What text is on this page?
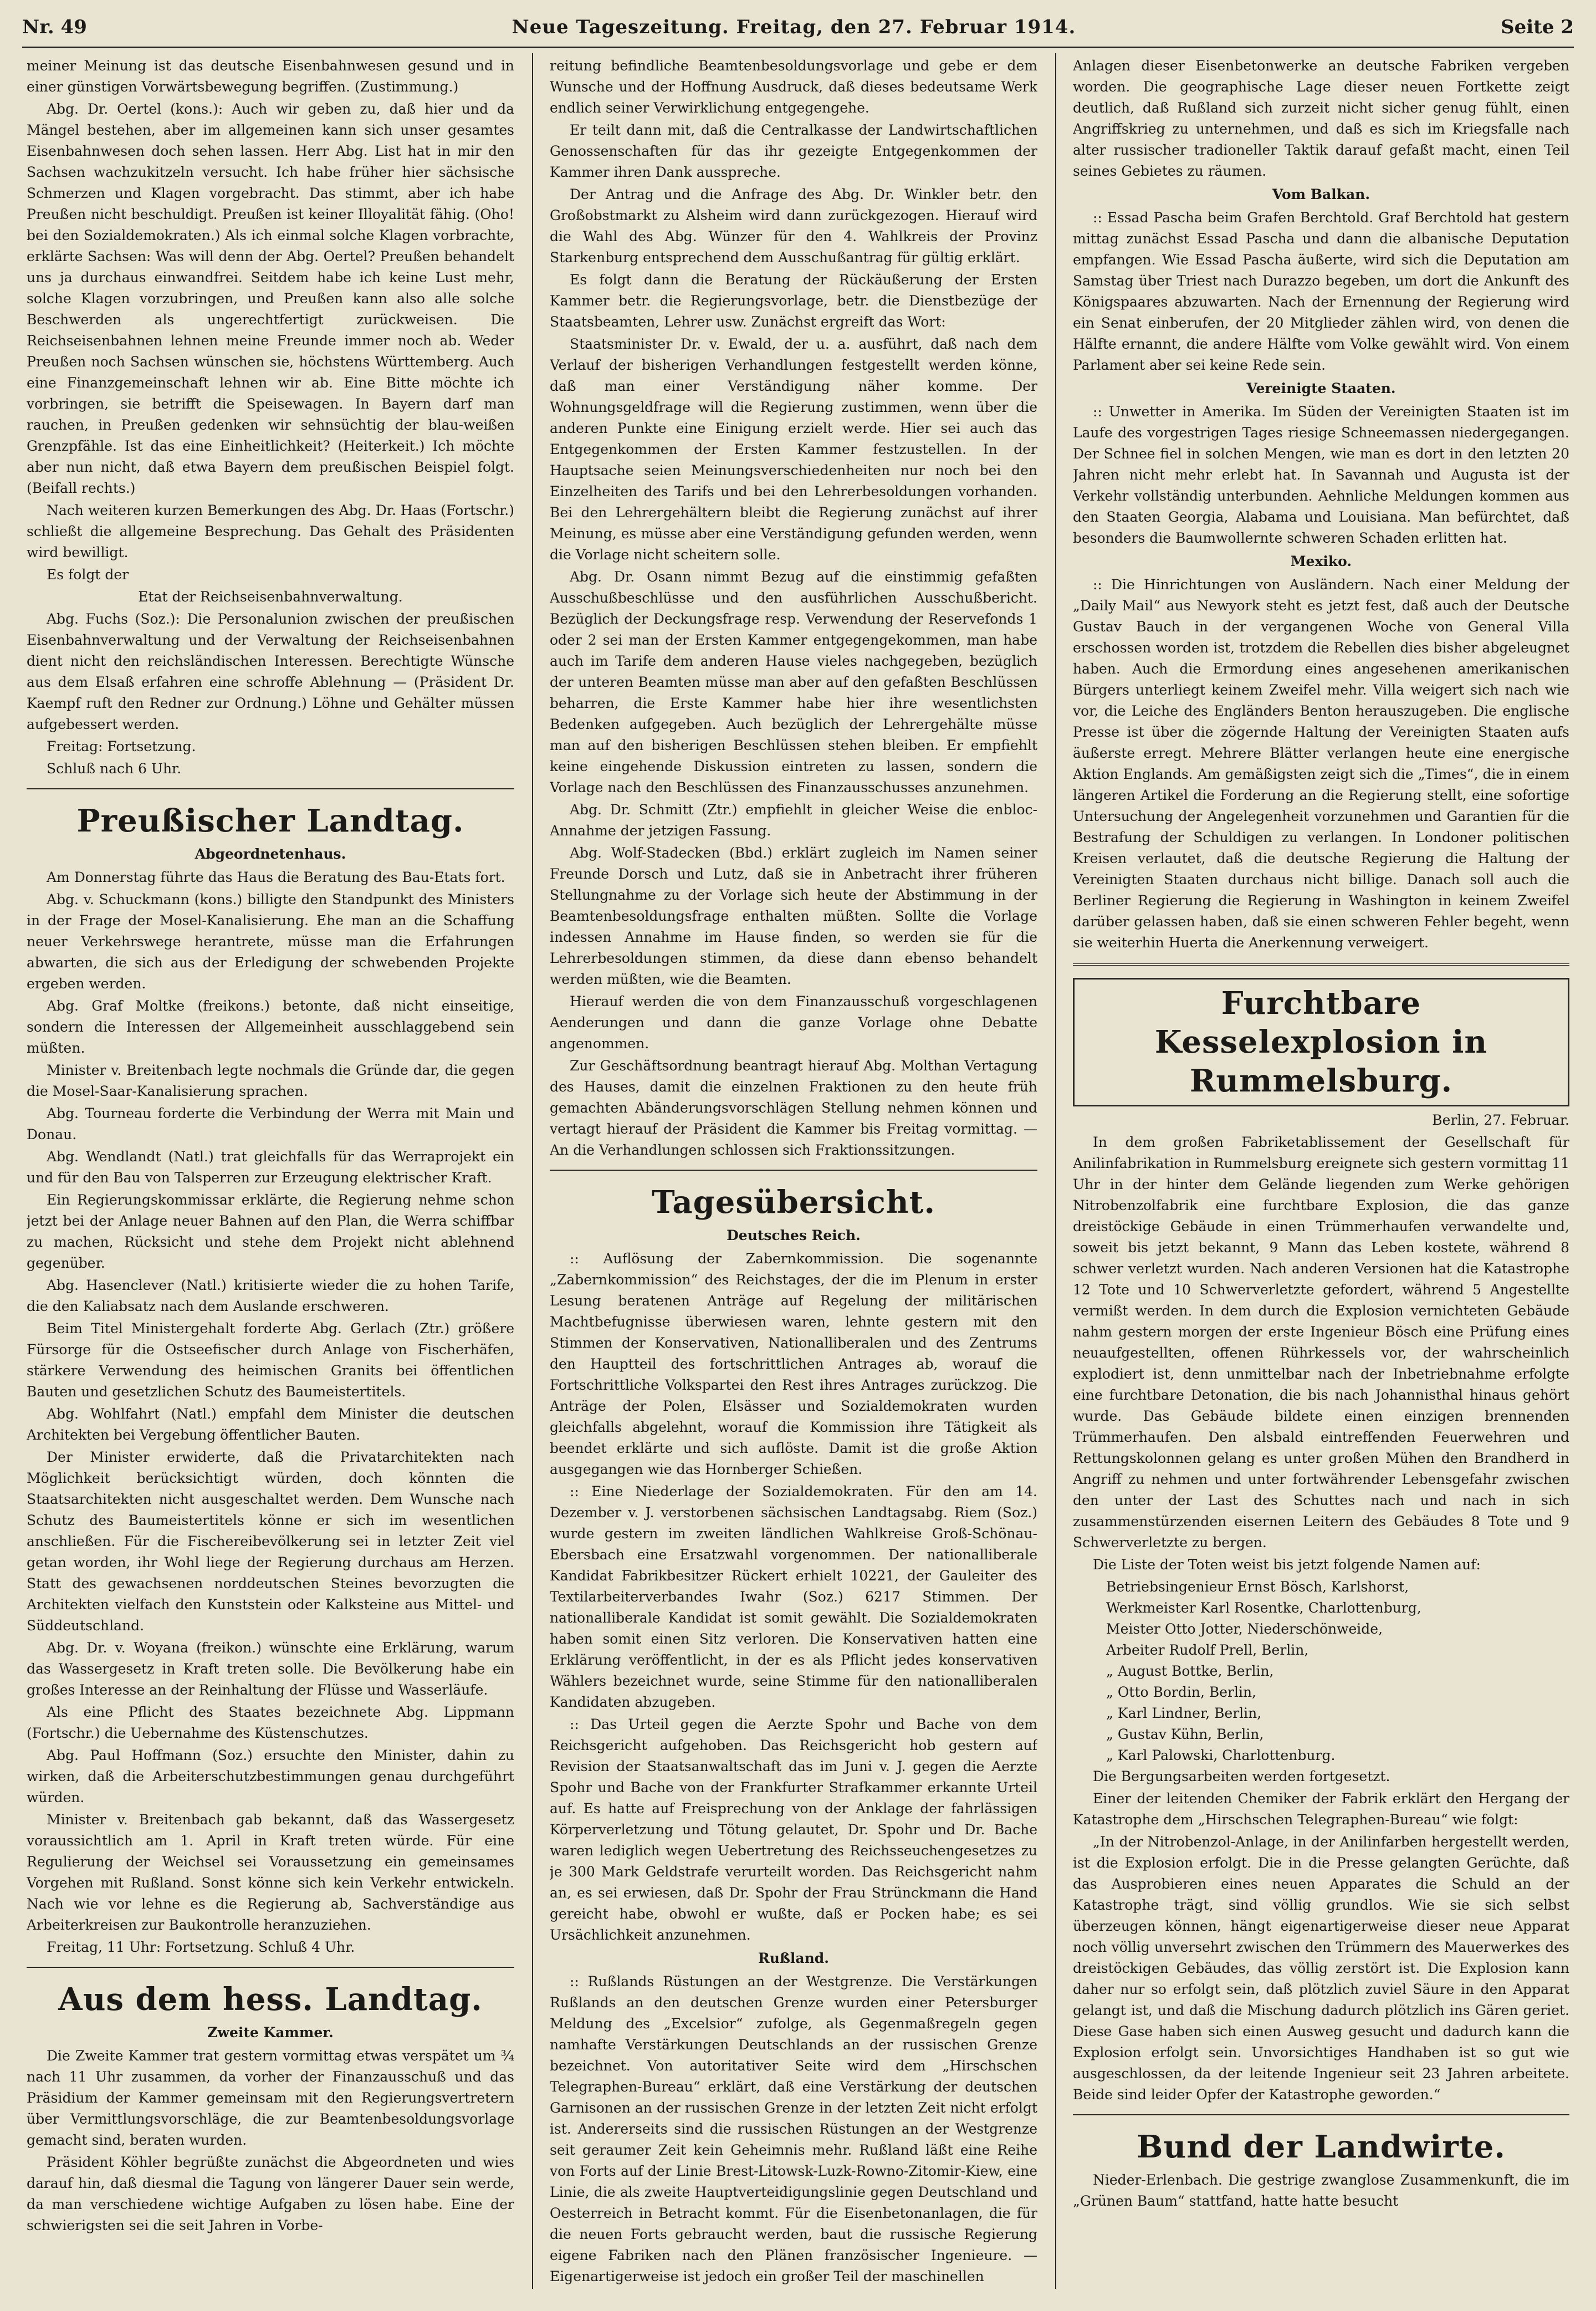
Nr. 49	Neue Tageszeitung. Freitag, den 27. Februar 1914.	Seite 2

meiner Meinung ist das deutsche Eisenbahnwesen gesund und in einer günstigen Vorwärtsbewegung begriffen. (Zustimmung.)

Abg. Dr. Oertel (kons.): Auch wir geben zu, daß hier und da Mängel bestehen, aber im allgemeinen kann sich unser gesamtes Eisenbahnwesen doch sehen lassen. Herr Abg. List hat in mir den Sachsen wachzukitzeln versucht. Ich habe früher hier sächsische Schmerzen und Klagen vorgebracht. Das stimmt, aber ich habe Preußen nicht beschuldigt. Preußen ist keiner Illoyalität fähig. (Oho! bei den Sozialdemokraten.) Als ich einmal solche Klagen vorbrachte, erklärte Sachsen: Was will denn der Abg. Oertel? Preußen behandelt uns ja durchaus einwandfrei. Seitdem habe ich keine Lust mehr, solche Klagen vorzubringen, und Preußen kann also alle solche Beschwerden als ungerechtfertigt zurückweisen. Die Reichseisenbahnen lehnen meine Freunde immer noch ab. Weder Preußen noch Sachsen wünschen sie, höchstens Württemberg. Auch eine Finanzgemeinschaft lehnen wir ab. Eine Bitte möchte ich vorbringen, sie betrifft die Speisewagen. In Bayern darf man rauchen, in Preußen gedenken wir sehnsüchtig der blau-weißen Grenzpfähle. Ist das eine Einheitlichkeit? (Heiterkeit.) Ich möchte aber nun nicht, daß etwa Bayern dem preußischen Beispiel folgt. (Beifall rechts.)

Nach weiteren kurzen Bemerkungen des Abg. Dr. Haas (Fortschr.) schließt die allgemeine Besprechung. Das Gehalt des Präsidenten wird bewilligt.

Es folgt der

Etat der Reichseisenbahnverwaltung.

Abg. Fuchs (Soz.): Die Personalunion zwischen der preußischen Eisenbahnverwaltung und der Verwaltung der Reichseisenbahnen dient nicht den reichsländischen Interessen. Berechtigte Wünsche aus dem Elsaß erfahren eine schroffe Ablehnung — (Präsident Dr. Kaempf ruft den Redner zur Ordnung.) Löhne und Gehälter müssen aufgebessert werden.

Freitag: Fortsetzung.

Schluß nach 6 Uhr.

Preußischer Landtag.
Abgeordnetenhaus.

Am Donnerstag führte das Haus die Beratung des Bau-Etats fort.

Abg. v. Schuckmann (kons.) billigte den Standpunkt des Ministers in der Frage der Mosel-Kanalisierung. Ehe man an die Schaffung neuer Verkehrswege herantrete, müsse man die Erfahrungen abwarten, die sich aus der Erledigung der schwebenden Projekte ergeben werden.

Abg. Graf Moltke (freikons.) betonte, daß nicht einseitige, sondern die Interessen der Allgemeinheit ausschlaggebend sein müßten.

Minister v. Breitenbach legte nochmals die Gründe dar, die gegen die Mosel-Saar-Kanalisierung sprachen.

Abg. Tourneau forderte die Verbindung der Werra mit Main und Donau.

Abg. Wendlandt (Natl.) trat gleichfalls für das Werraprojekt ein und für den Bau von Talsperren zur Erzeugung elektrischer Kraft.

Ein Regierungskommissar erklärte, die Regierung nehme schon jetzt bei der Anlage neuer Bahnen auf den Plan, die Werra schiffbar zu machen, Rücksicht und stehe dem Projekt nicht ablehnend gegenüber.

Abg. Hasenclever (Natl.) kritisierte wieder die zu hohen Tarife, die den Kaliabsatz nach dem Auslande erschweren.

Beim Titel Ministergehalt forderte Abg. Gerlach (Ztr.) größere Fürsorge für die Ostseefischer durch Anlage von Fischerhäfen, stärkere Verwendung des heimischen Granits bei öffentlichen Bauten und gesetzlichen Schutz des Baumeistertitels.

Abg. Wohlfahrt (Natl.) empfahl dem Minister die deutschen Architekten bei Vergebung öffentlicher Bauten.

Der Minister erwiderte, daß die Privatarchitekten nach Möglichkeit berücksichtigt würden, doch könnten die Staatsarchitekten nicht ausgeschaltet werden. Dem Wunsche nach Schutz des Baumeistertitels könne er sich im wesentlichen anschließen. Für die Fischereibevölkerung sei in letzter Zeit viel getan worden, ihr Wohl liege der Regierung durchaus am Herzen. Statt des gewachsenen norddeutschen Steines bevorzugten die Architekten vielfach den Kunststein oder Kalksteine aus Mittel- und Süddeutschland.

Abg. Dr. v. Woyana (freikon.) wünschte eine Erklärung, warum das Wassergesetz in Kraft treten solle. Die Bevölkerung habe ein großes Interesse an der Reinhaltung der Flüsse und Wasserläufe.

Als eine Pflicht des Staates bezeichnete Abg. Lippmann (Fortschr.) die Uebernahme des Küstenschutzes.

Abg. Paul Hoffmann (Soz.) ersuchte den Minister, dahin zu wirken, daß die Arbeiterschutzbestimmungen genau durchgeführt würden.

Minister v. Breitenbach gab bekannt, daß das Wassergesetz voraussichtlich am 1. April in Kraft treten würde. Für eine Regulierung der Weichsel sei Voraussetzung ein gemeinsames Vorgehen mit Rußland. Sonst könne sich kein Verkehr entwickeln. Nach wie vor lehne es die Regierung ab, Sachverständige aus Arbeiterkreisen zur Baukontrolle heranzuziehen.

Freitag, 11 Uhr: Fortsetzung. Schluß 4 Uhr.

Aus dem hess. Landtag.
Zweite Kammer.

Die Zweite Kammer trat gestern vormittag etwas verspätet um ¾ nach 11 Uhr zusammen, da vorher der Finanzausschuß und das Präsidium der Kammer gemeinsam mit den Regierungsvertretern über Vermittlungsvorschläge, die zur Beamtenbesoldungsvorlage gemacht sind, beraten wurden.

Präsident Köhler begrüßte zunächst die Abgeordneten und wies darauf hin, daß diesmal die Tagung von längerer Dauer sein werde, da man verschiedene wichtige Aufgaben zu lösen habe. Eine der schwierigsten sei die seit Jahren in Vorbe-

reitung befindliche Beamtenbesoldungsvorlage und gebe er dem Wunsche und der Hoffnung Ausdruck, daß dieses bedeutsame Werk endlich seiner Verwirklichung entgegengehe.

Er teilt dann mit, daß die Centralkasse der Landwirtschaftlichen Genossenschaften für das ihr gezeigte Entgegenkommen der Kammer ihren Dank ausspreche.

Der Antrag und die Anfrage des Abg. Dr. Winkler betr. den Großobstmarkt zu Alsheim wird dann zurückgezogen. Hierauf wird die Wahl des Abg. Wünzer für den 4. Wahlkreis der Provinz Starkenburg entsprechend dem Ausschußantrag für gültig erklärt.

Es folgt dann die Beratung der Rückäußerung der Ersten Kammer betr. die Regierungsvorlage, betr. die Dienstbezüge der Staatsbeamten, Lehrer usw. Zunächst ergreift das Wort:

Staatsminister Dr. v. Ewald, der u. a. ausführt, daß nach dem Verlauf der bisherigen Verhandlungen festgestellt werden könne, daß man einer Verständigung näher komme. Der Wohnungsgeldfrage will die Regierung zustimmen, wenn über die anderen Punkte eine Einigung erzielt werde. Hier sei auch das Entgegenkommen der Ersten Kammer festzustellen. In der Hauptsache seien Meinungsverschiedenheiten nur noch bei den Einzelheiten des Tarifs und bei den Lehrerbesoldungen vorhanden. Bei den Lehrergehältern bleibt die Regierung zunächst auf ihrer Meinung, es müsse aber eine Verständigung gefunden werden, wenn die Vorlage nicht scheitern solle.

Abg. Dr. Osann nimmt Bezug auf die einstimmig gefaßten Ausschußbeschlüsse und den ausführlichen Ausschußbericht. Bezüglich der Deckungsfrage resp. Verwendung der Reservefonds 1 oder 2 sei man der Ersten Kammer entgegengekommen, man habe auch im Tarife dem anderen Hause vieles nachgegeben, bezüglich der unteren Beamten müsse man aber auf den gefaßten Beschlüssen beharren, die Erste Kammer habe hier ihre wesentlichsten Bedenken aufgegeben. Auch bezüglich der Lehrergehälte müsse man auf den bisherigen Beschlüssen stehen bleiben. Er empfiehlt keine eingehende Diskussion eintreten zu lassen, sondern die Vorlage nach den Beschlüssen des Finanzausschusses anzunehmen.

Abg. Dr. Schmitt (Ztr.) empfiehlt in gleicher Weise die enbloc-Annahme der jetzigen Fassung.

Abg. Wolf-Stadecken (Bbd.) erklärt zugleich im Namen seiner Freunde Dorsch und Lutz, daß sie in Anbetracht ihrer früheren Stellungnahme zu der Vorlage sich heute der Abstimmung in der Beamtenbesoldungsfrage enthalten müßten. Sollte die Vorlage indessen Annahme im Hause finden, so werden sie für die Lehrerbesoldungen stimmen, da diese dann ebenso behandelt werden müßten, wie die Beamten.

Hierauf werden die von dem Finanzausschuß vorgeschlagenen Aenderungen und dann die ganze Vorlage ohne Debatte angenommen.

Zur Geschäftsordnung beantragt hierauf Abg. Molthan Vertagung des Hauses, damit die einzelnen Fraktionen zu den heute früh gemachten Abänderungsvorschlägen Stellung nehmen können und vertagt hierauf der Präsident die Kammer bis Freitag vormittag. — An die Verhandlungen schlossen sich Fraktionssitzungen.

Tagesübersicht.
Deutsches Reich.

:: Auflösung der Zabernkommission. Die sogenannte „Zabernkommission“ des Reichstages, der die im Plenum in erster Lesung beratenen Anträge auf Regelung der militärischen Machtbefugnisse überwiesen waren, lehnte gestern mit den Stimmen der Konservativen, Nationalliberalen und des Zentrums den Hauptteil des fortschrittlichen Antrages ab, worauf die Fortschrittliche Volkspartei den Rest ihres Antrages zurückzog. Die Anträge der Polen, Elsässer und Sozialdemokraten wurden gleichfalls abgelehnt, worauf die Kommission ihre Tätigkeit als beendet erklärte und sich auflöste. Damit ist die große Aktion ausgegangen wie das Hornberger Schießen.

:: Eine Niederlage der Sozialdemokraten. Für den am 14. Dezember v. J. verstorbenen sächsischen Landtagsabg. Riem (Soz.) wurde gestern im zweiten ländlichen Wahlkreise Groß-Schönau-Ebersbach eine Ersatzwahl vorgenommen. Der nationalliberale Kandidat Fabrikbesitzer Rückert erhielt 10221, der Gauleiter des Textilarbeiterverbandes Iwahr (Soz.) 6217 Stimmen. Der nationalliberale Kandidat ist somit gewählt. Die Sozialdemokraten haben somit einen Sitz verloren. Die Konservativen hatten eine Erklärung veröffentlicht, in der es als Pflicht jedes konservativen Wählers bezeichnet wurde, seine Stimme für den nationalliberalen Kandidaten abzugeben.

:: Das Urteil gegen die Aerzte Spohr und Bache von dem Reichsgericht aufgehoben. Das Reichsgericht hob gestern auf Revision der Staatsanwaltschaft das im Juni v. J. gegen die Aerzte Spohr und Bache von der Frankfurter Strafkammer erkannte Urteil auf. Es hatte auf Freisprechung von der Anklage der fahrlässigen Körperverletzung und Tötung gelautet, Dr. Spohr und Dr. Bache waren lediglich wegen Uebertretung des Reichsseuchengesetzes zu je 300 Mark Geldstrafe verurteilt worden. Das Reichsgericht nahm an, es sei erwiesen, daß Dr. Spohr der Frau Strünckmann die Hand gereicht habe, obwohl er wußte, daß er Pocken habe; es sei Ursächlichkeit anzunehmen.

Rußland.

:: Rußlands Rüstungen an der Westgrenze. Die Verstärkungen Rußlands an den deutschen Grenze wurden einer Petersburger Meldung des „Excelsior“ zufolge, als Gegenmaßregeln gegen namhafte Verstärkungen Deutschlands an der russischen Grenze bezeichnet. Von autoritativer Seite wird dem „Hirschschen Telegraphen-Bureau“ erklärt, daß eine Verstärkung der deutschen Garnisonen an der russischen Grenze in der letzten Zeit nicht erfolgt ist. Andererseits sind die russischen Rüstungen an der Westgrenze seit geraumer Zeit kein Geheimnis mehr. Rußland läßt eine Reihe von Forts auf der Linie Brest-Litowsk-Luzk-Rowno-Zitomir-Kiew, eine Linie, die als zweite Hauptverteidigungslinie gegen Deutschland und Oesterreich in Betracht kommt. Für die Eisenbetonanlagen, die für die neuen Forts gebraucht werden, baut die russische Regierung eigene Fabriken nach den Plänen französischer Ingenieure. — Eigenartigerweise ist jedoch ein großer Teil der maschinellen

Anlagen dieser Eisenbetonwerke an deutsche Fabriken vergeben worden. Die geographische Lage dieser neuen Fortkette zeigt deutlich, daß Rußland sich zurzeit nicht sicher genug fühlt, einen Angriffskrieg zu unternehmen, und daß es sich im Kriegsfalle nach alter russischer tradioneller Taktik darauf gefaßt macht, einen Teil seines Gebietes zu räumen.

Vom Balkan.

:: Essad Pascha beim Grafen Berchtold. Graf Berchtold hat gestern mittag zunächst Essad Pascha und dann die albanische Deputation empfangen. Wie Essad Pascha äußerte, wird sich die Deputation am Samstag über Triest nach Durazzo begeben, um dort die Ankunft des Königspaares abzuwarten. Nach der Ernennung der Regierung wird ein Senat einberufen, der 20 Mitglieder zählen wird, von denen die Hälfte ernannt, die andere Hälfte vom Volke gewählt wird. Von einem Parlament aber sei keine Rede sein.

Vereinigte Staaten.

:: Unwetter in Amerika. Im Süden der Vereinigten Staaten ist im Laufe des vorgestrigen Tages riesige Schneemassen niedergegangen. Der Schnee fiel in solchen Mengen, wie man es dort in den letzten 20 Jahren nicht mehr erlebt hat. In Savannah und Augusta ist der Verkehr vollständig unterbunden. Aehnliche Meldungen kommen aus den Staaten Georgia, Alabama und Louisiana. Man befürchtet, daß besonders die Baumwollernte schweren Schaden erlitten hat.

Mexiko.

:: Die Hinrichtungen von Ausländern. Nach einer Meldung der „Daily Mail“ aus Newyork steht es jetzt fest, daß auch der Deutsche Gustav Bauch in der vergangenen Woche von General Villa erschossen worden ist, trotzdem die Rebellen dies bisher abgeleugnet haben. Auch die Ermordung eines angesehenen amerikanischen Bürgers unterliegt keinem Zweifel mehr. Villa weigert sich nach wie vor, die Leiche des Engländers Benton herauszugeben. Die englische Presse ist über die zögernde Haltung der Vereinigten Staaten aufs äußerste erregt. Mehrere Blätter verlangen heute eine energische Aktion Englands. Am gemäßigsten zeigt sich die „Times“, die in einem längeren Artikel die Forderung an die Regierung stellt, eine sofortige Untersuchung der Angelegenheit vorzunehmen und Garantien für die Bestrafung der Schuldigen zu verlangen. In Londoner politischen Kreisen verlautet, daß die deutsche Regierung die Haltung der Vereinigten Staaten durchaus nicht billige. Danach soll auch die Berliner Regierung die Regierung in Washington in keinem Zweifel darüber gelassen haben, daß sie einen schweren Fehler begeht, wenn sie weiterhin Huerta die Anerkennung verweigert.

Furchtbare Kesselexplosion in Rummelsburg.

Berlin, 27. Februar.

In dem großen Fabriketablissement der Gesellschaft für Anilinfabrikation in Rummelsburg ereignete sich gestern vormittag 11 Uhr in der hinter dem Gelände liegenden zum Werke gehörigen Nitrobenzolfabrik eine furchtbare Explosion, die das ganze dreistöckige Gebäude in einen Trümmerhaufen verwandelte und, soweit bis jetzt bekannt, 9 Mann das Leben kostete, während 8 schwer verletzt wurden. Nach anderen Versionen hat die Katastrophe 12 Tote und 10 Schwerverletzte gefordert, während 5 Angestellte vermißt werden. In dem durch die Explosion vernichteten Gebäude nahm gestern morgen der erste Ingenieur Bösch eine Prüfung eines neuaufgestellten, offenen Rührkessels vor, der wahrscheinlich explodiert ist, denn unmittelbar nach der Inbetriebnahme erfolgte eine furchtbare Detonation, die bis nach Johannisthal hinaus gehört wurde. Das Gebäude bildete einen einzigen brennenden Trümmerhaufen. Den alsbald eintreffenden Feuerwehren und Rettungskolonnen gelang es unter großen Mühen den Brandherd in Angriff zu nehmen und unter fortwährender Lebensgefahr zwischen den unter der Last des Schuttes nach und nach in sich zusammenstürzenden eisernen Leitern des Gebäudes 8 Tote und 9 Schwerverletzte zu bergen.

Die Liste der Toten weist bis jetzt folgende Namen auf:

Betriebsingenieur Ernst Bösch, Karlshorst,
Werkmeister Karl Rosentke, Charlottenburg,
Meister Otto Jotter, Niederschönweide,
Arbeiter Rudolf Prell, Berlin,
„ August Bottke, Berlin,
„ Otto Bordin, Berlin,
„ Karl Lindner, Berlin,
„ Gustav Kühn, Berlin,
„ Karl Palowski, Charlottenburg.

Die Bergungsarbeiten werden fortgesetzt.

Einer der leitenden Chemiker der Fabrik erklärt den Hergang der Katastrophe dem „Hirschschen Telegraphen-Bureau“ wie folgt:

„In der Nitrobenzol-Anlage, in der Anilinfarben hergestellt werden, ist die Explosion erfolgt. Die in die Presse gelangten Gerüchte, daß das Ausprobieren eines neuen Apparates die Schuld an der Katastrophe trägt, sind völlig grundlos. Wie sie sich selbst überzeugen können, hängt eigenartigerweise dieser neue Apparat noch völlig unversehrt zwischen den Trümmern des Mauerwerkes des dreistöckigen Gebäudes, das völlig zerstört ist. Die Explosion kann daher nur so erfolgt sein, daß plötzlich zuviel Säure in den Apparat gelangt ist, und daß die Mischung dadurch plötzlich ins Gären geriet. Diese Gase haben sich einen Ausweg gesucht und dadurch kann die Explosion erfolgt sein. Unvorsichtiges Handhaben ist so gut wie ausgeschlossen, da der leitende Ingenieur seit 23 Jahren arbeitete. Beide sind leider Opfer der Katastrophe geworden.“

Bund der Landwirte.

Nieder-Erlenbach. Die gestrige zwanglose Zusammenkunft, die im „Grünen Baum“ stattfand, hatte hatte besucht
